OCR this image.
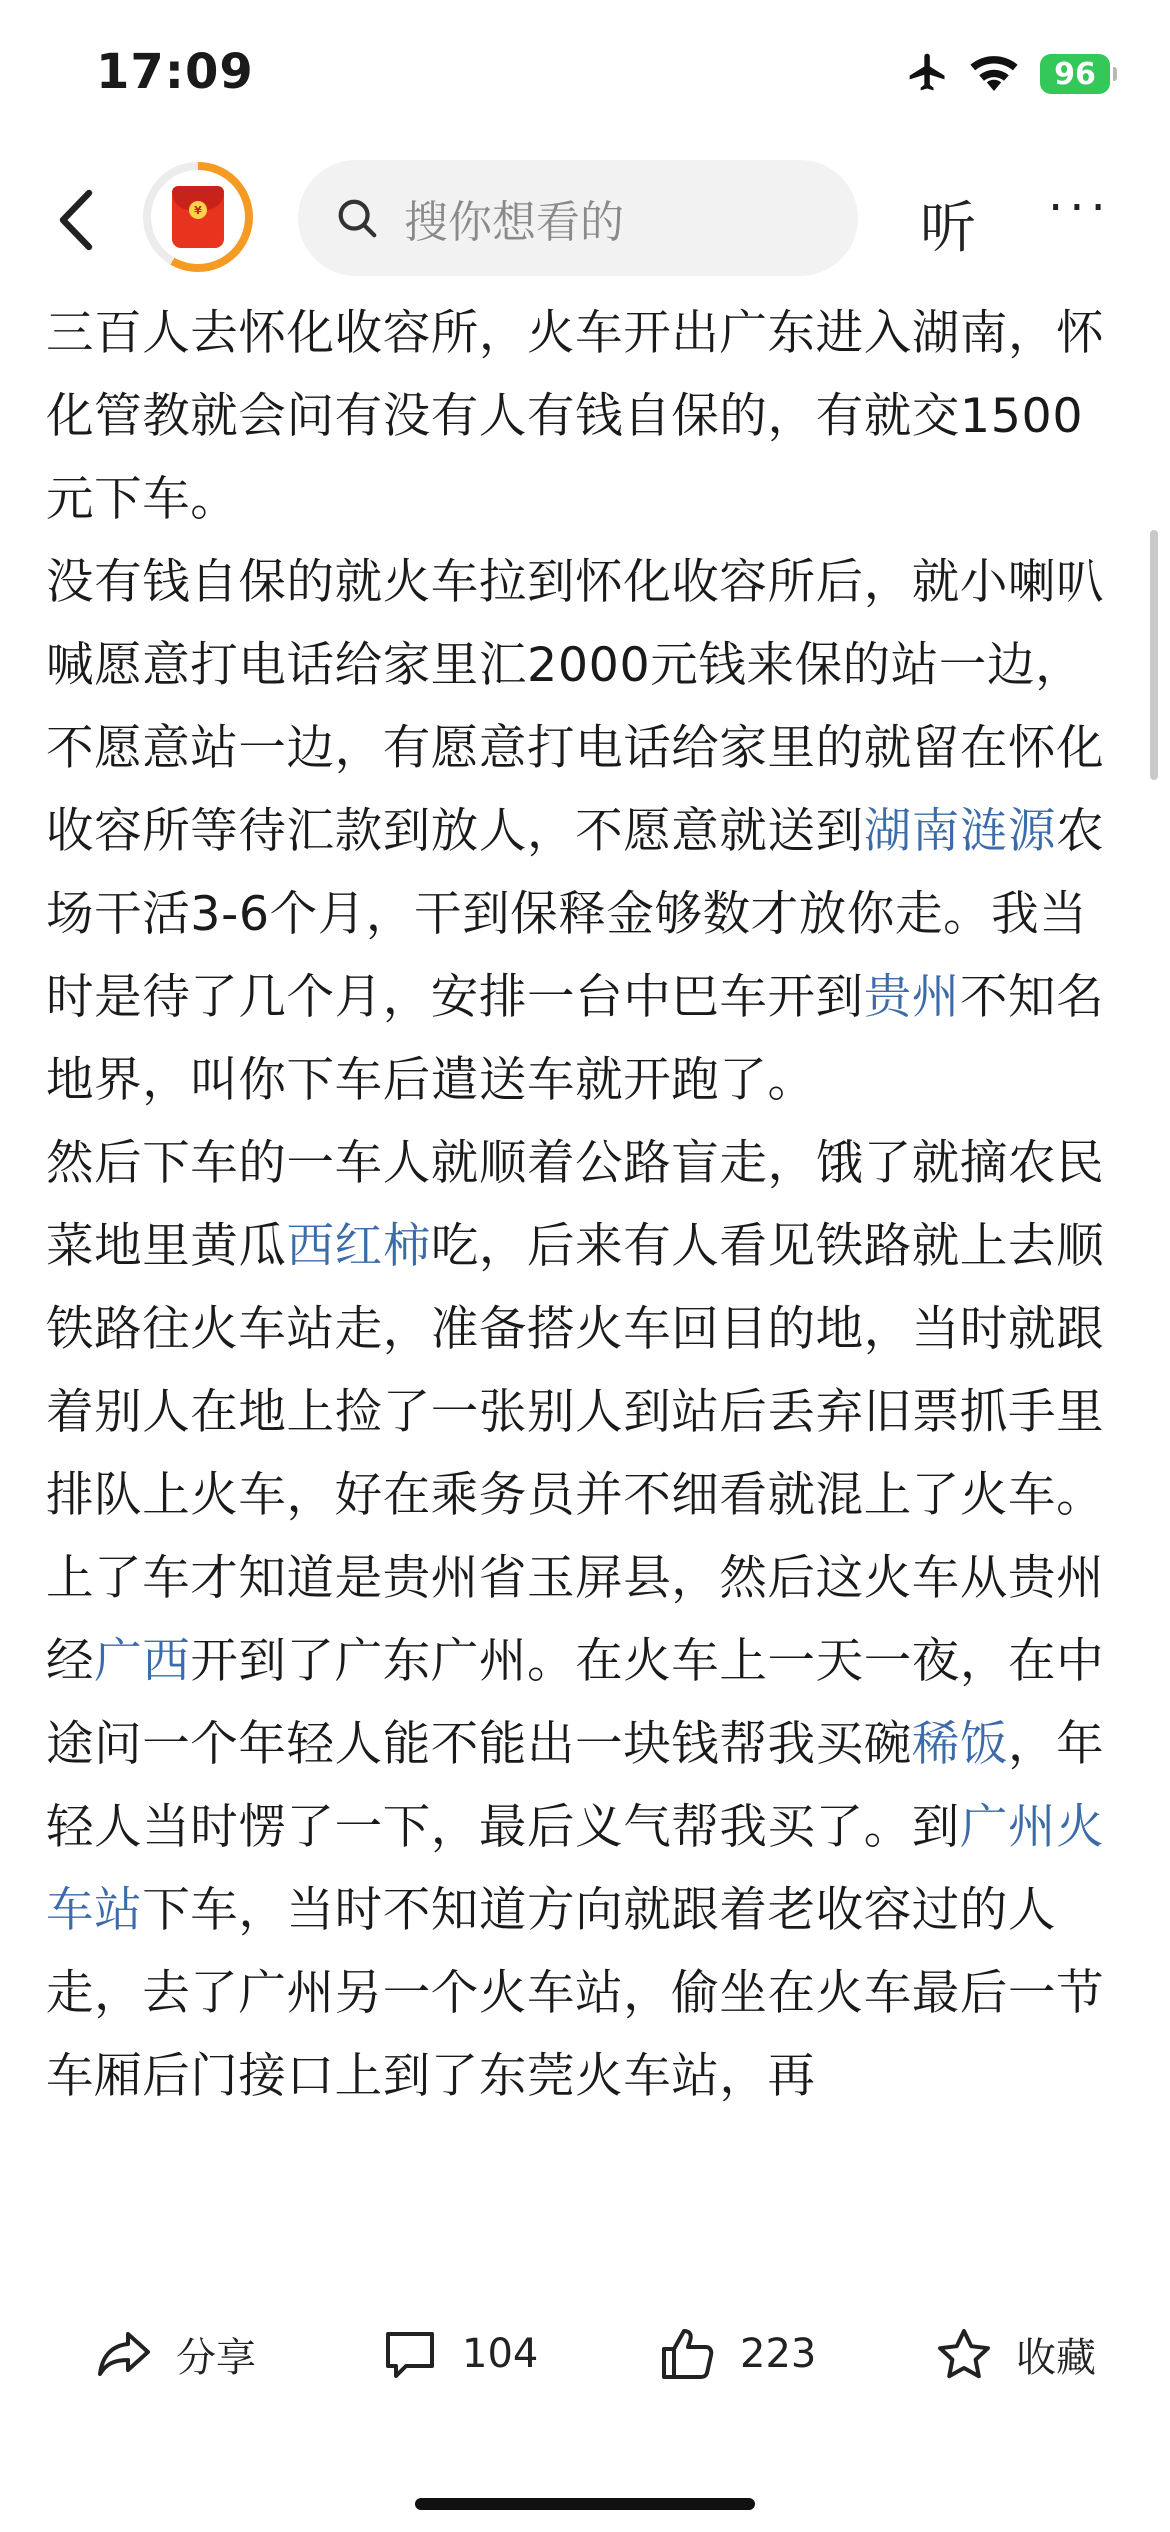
17:09	96
¥	搜你想看的	听 ···

三百人去怀化收容所，火车开出广东进入湖南，怀化管教就会问有没有人有钱自保的，有就交1500元下车。

没有钱自保的就火车拉到怀化收容所后，就小喇叭喊愿意打电话给家里汇2000元钱来保的站一边，不愿意站一边，有愿意打电话给家里的就留在怀化收容所等待汇款到放人，不愿意就送到湖南涟源农场干活3-6个月，干到保释金够数才放你走。我当时是待了几个月，安排一台中巴车开到贵州不知名地界，叫你下车后遣送车就开跑了。

然后下车的一车人就顺着公路盲走，饿了就摘农民菜地里黄瓜西红柿吃，后来有人看见铁路就上去顺铁路往火车站走，准备搭火车回目的地，当时就跟着别人在地上捡了一张别人到站后丢弃旧票抓手里排队上火车，好在乘务员并不细看就混上了火车。

上了车才知道是贵州省玉屏县，然后这火车从贵州经广西开到了广东广州。在火车上一天一夜，在中途问一个年轻人能不能出一块钱帮我买碗稀饭，年轻人当时愣了一下，最后义气帮我买了。到广州火车站下车，当时不知道方向就跟着老收容过的人走，去了广州另一个火车站，偷坐在火车最后一节车厢后门接口上到了东莞火车站，再

分享	104	223	收藏
